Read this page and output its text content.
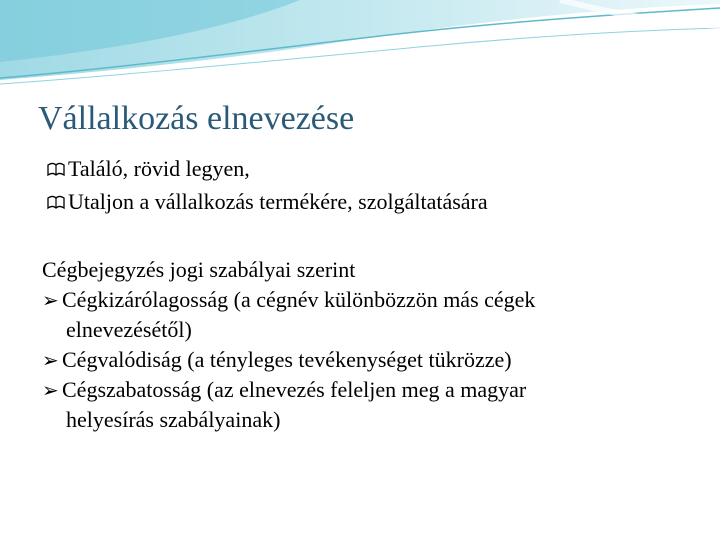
Vállalkozás elnevezése
Találó, rövid legyen,
Utaljon a vállalkozás termékére, szolgáltatására
Cégbejegyzés jogi szabályai szerint
➢ Cégkizárólagosság (a cégnév különbözzön más cégek
elnevezésétől)
➢ Cégvalódiság (a tényleges tevékenységet tükrözze)
➢ Cégszabatosság (az elnevezés feleljen meg a magyar
helyesírás szabályainak)
